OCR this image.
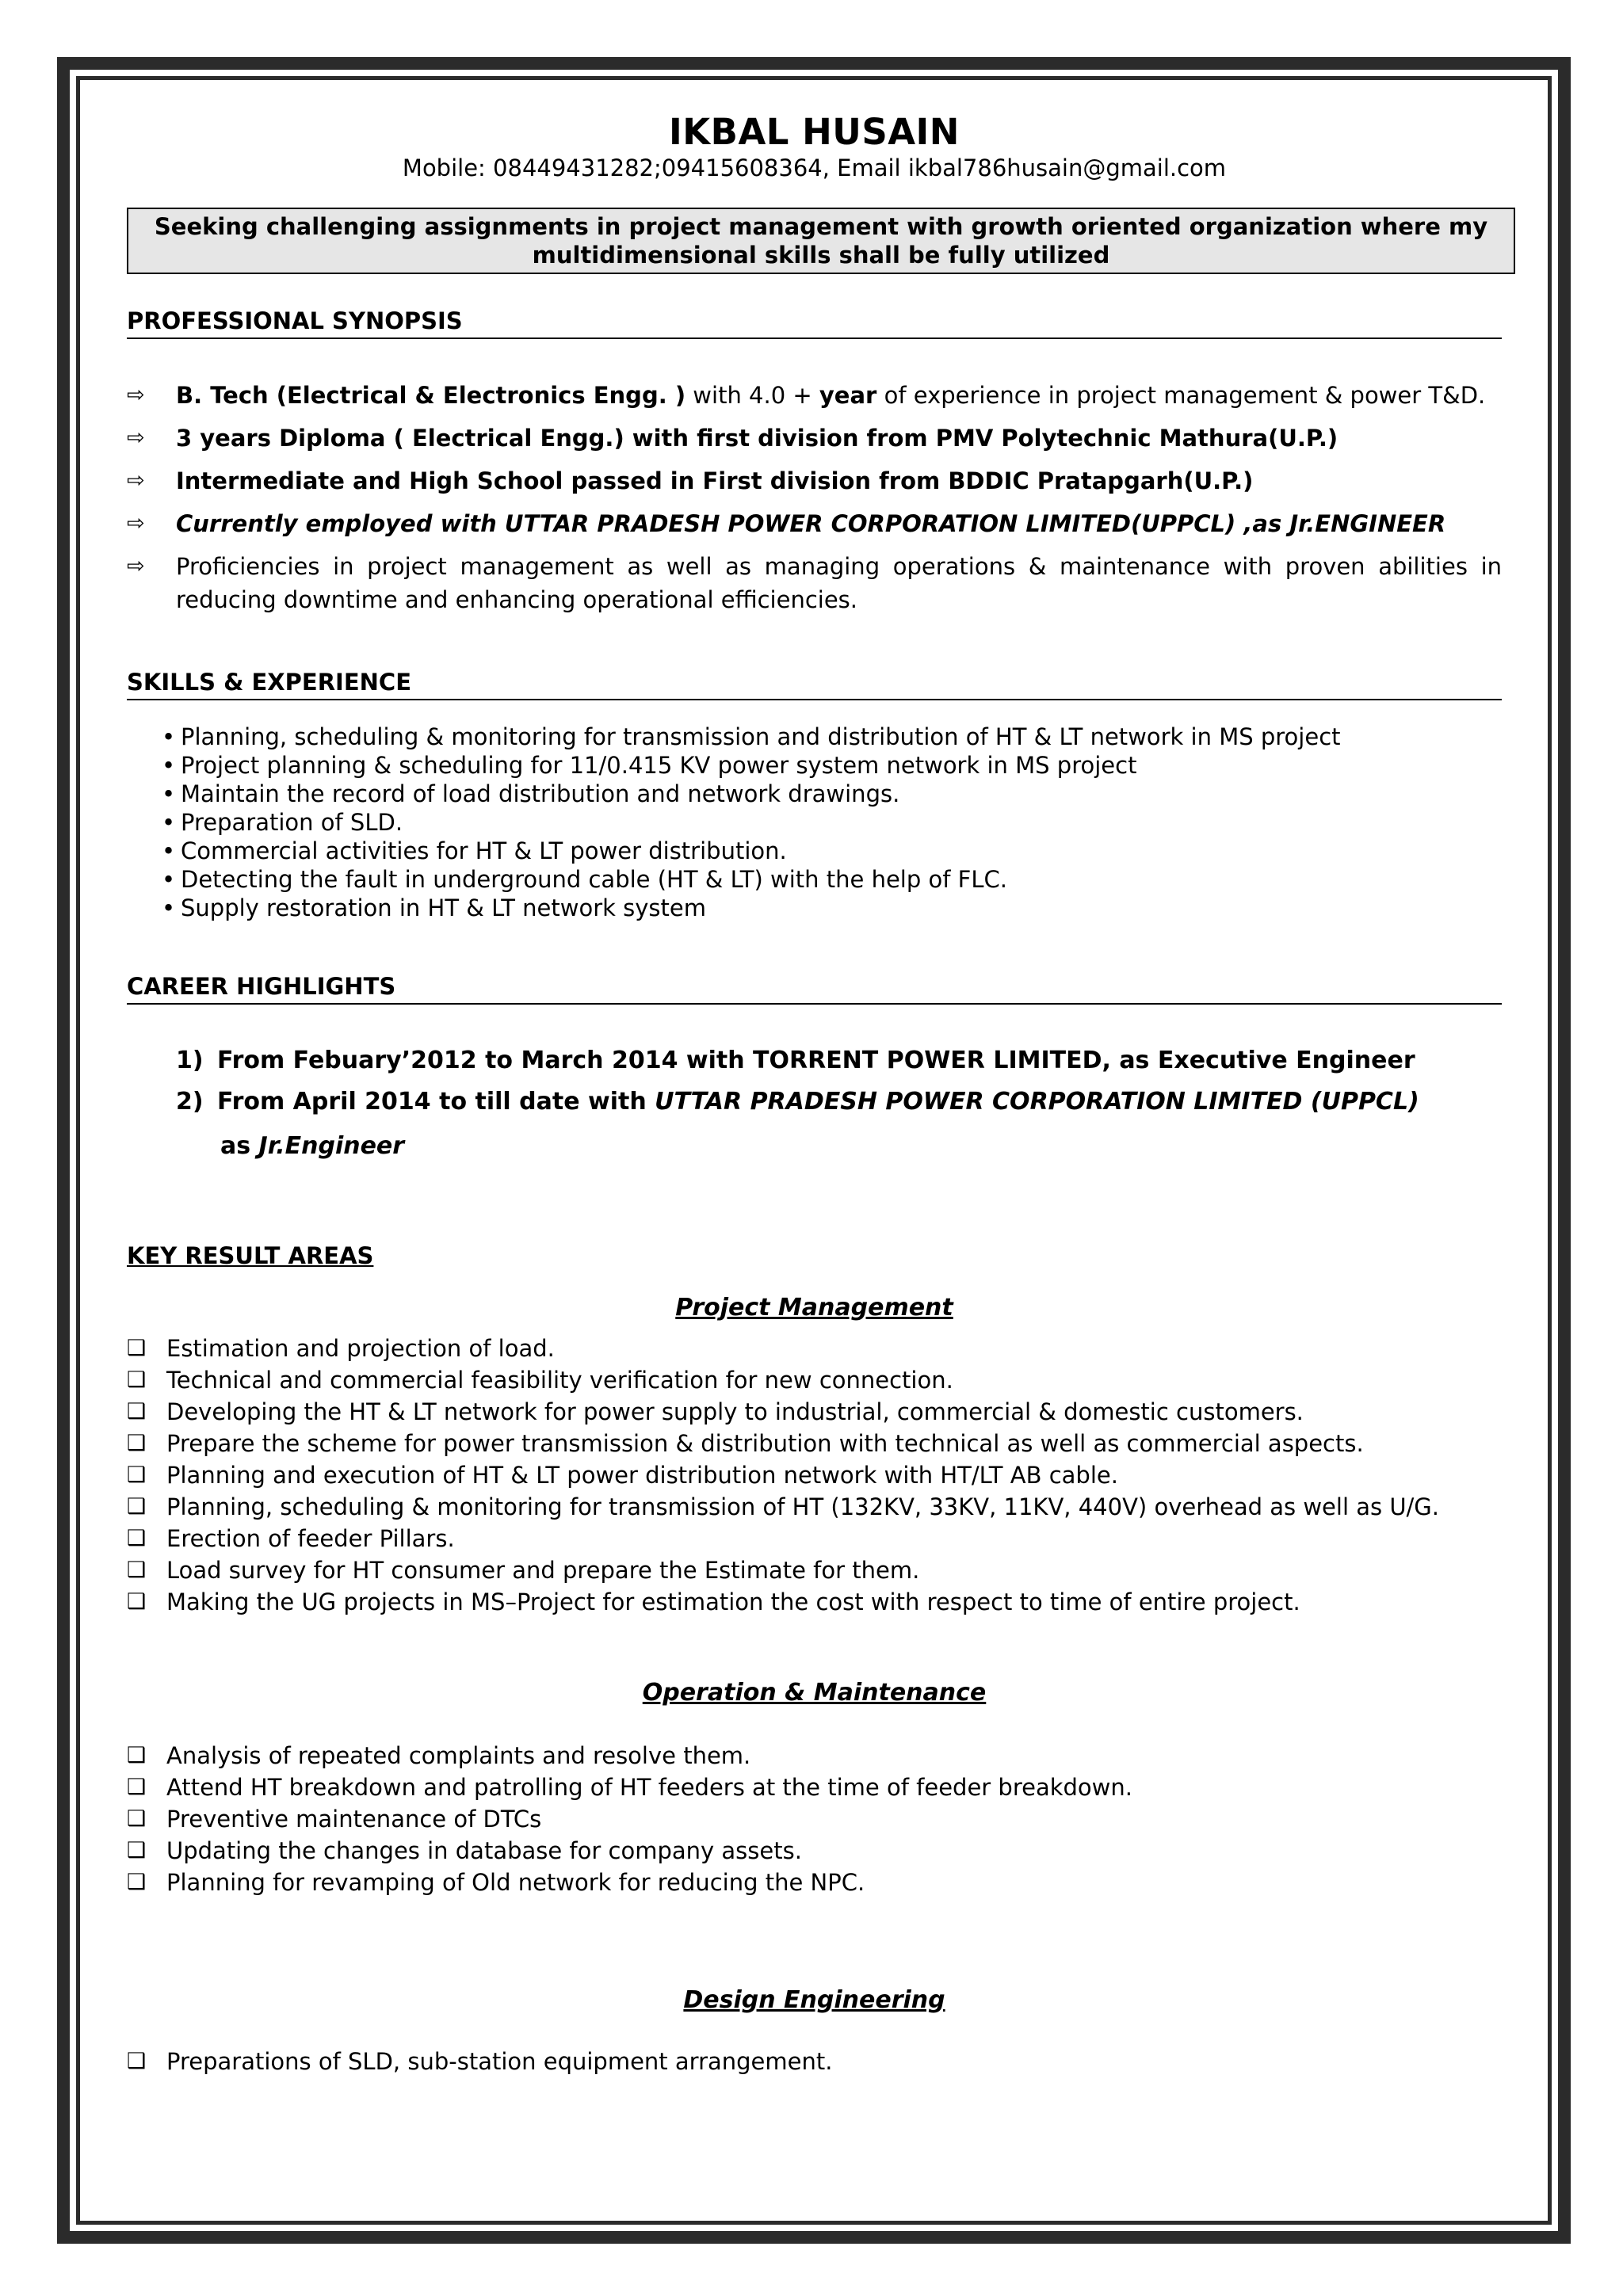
IKBAL HUSAIN

Mobile: 08449431282;09415608364, Email ikbal786husain@gmail.com

Seeking challenging assignments in project management with growth oriented organization where my
multidimensional skills shall be fully utilized
PROFESSIONAL SYNOPSIS
⇨ B. Tech (Electrical & Electronics Engg. ) with 4.0 + year of experience in project management & power T&D.
⇨ 3 years Diploma ( Electrical Engg.) with first division from PMV Polytechnic Mathura(U.P.)
⇨ Intermediate and High School passed in First division from BDDIC Pratapgarh(U.P.)
⇨ Currently employed with UTTAR PRADESH POWER CORPORATION LIMITED(UPPCL) ,as Jr.ENGINEER
⇨ Proficiencies in project management as well as managing operations & maintenance with proven abilities in reducing downtime and enhancing operational efficiencies.
SKILLS & EXPERIENCE
• Planning, scheduling & monitoring for transmission and distribution of HT & LT network in MS project
• Project planning & scheduling for 11/0.415 KV power system network in MS project
• Maintain the record of load distribution and network drawings.
• Preparation of SLD.
• Commercial activities for HT & LT power distribution.
• Detecting the fault in underground cable (HT & LT) with the help of FLC.
• Supply restoration in HT & LT network system
CAREER HIGHLIGHTS
1) From Febuary’2012 to March 2014 with TORRENT POWER LIMITED, as Executive Engineer
2) From April 2014 to till date with UTTAR PRADESH POWER CORPORATION LIMITED (UPPCL)
as Jr.Engineer
KEY RESULT AREAS
Project Management
❑ Estimation and projection of load.
❑ Technical and commercial feasibility verification for new connection.
❑ Developing the HT & LT network for power supply to industrial, commercial & domestic customers.
❑ Prepare the scheme for power transmission & distribution with technical as well as commercial aspects.
❑ Planning and execution of HT & LT power distribution network with HT/LT AB cable.
❑ Planning, scheduling & monitoring for transmission of HT (132KV, 33KV, 11KV, 440V) overhead as well as U/G.
❑ Erection of feeder Pillars.
❑ Load survey for HT consumer and prepare the Estimate for them.
❑ Making the UG projects in MS–Project for estimation the cost with respect to time of entire project.
Operation & Maintenance
❑ Analysis of repeated complaints and resolve them.
❑ Attend HT breakdown and patrolling of HT feeders at the time of feeder breakdown.
❑ Preventive maintenance of DTCs
❑ Updating the changes in database for company assets.
❑ Planning for revamping of Old network for reducing the NPC.
Design Engineering
❑ Preparations of SLD, sub-station equipment arrangement.
